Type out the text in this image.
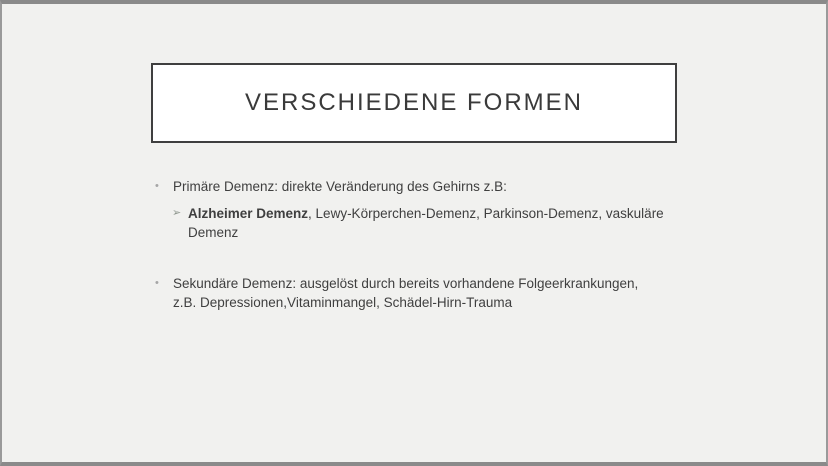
VERSCHIEDENE FORMEN
•	Primäre Demenz: direkte Veränderung des Gehirns z.B:
➢ Alzheimer Demenz, Lewy-Körperchen-Demenz, Parkinson-Demenz, vaskuläre
Demenz
•	Sekundäre Demenz: ausgelöst durch bereits vorhandene Folgeerkrankungen,
z.B. Depressionen,Vitaminmangel, Schädel-Hirn-Trauma
